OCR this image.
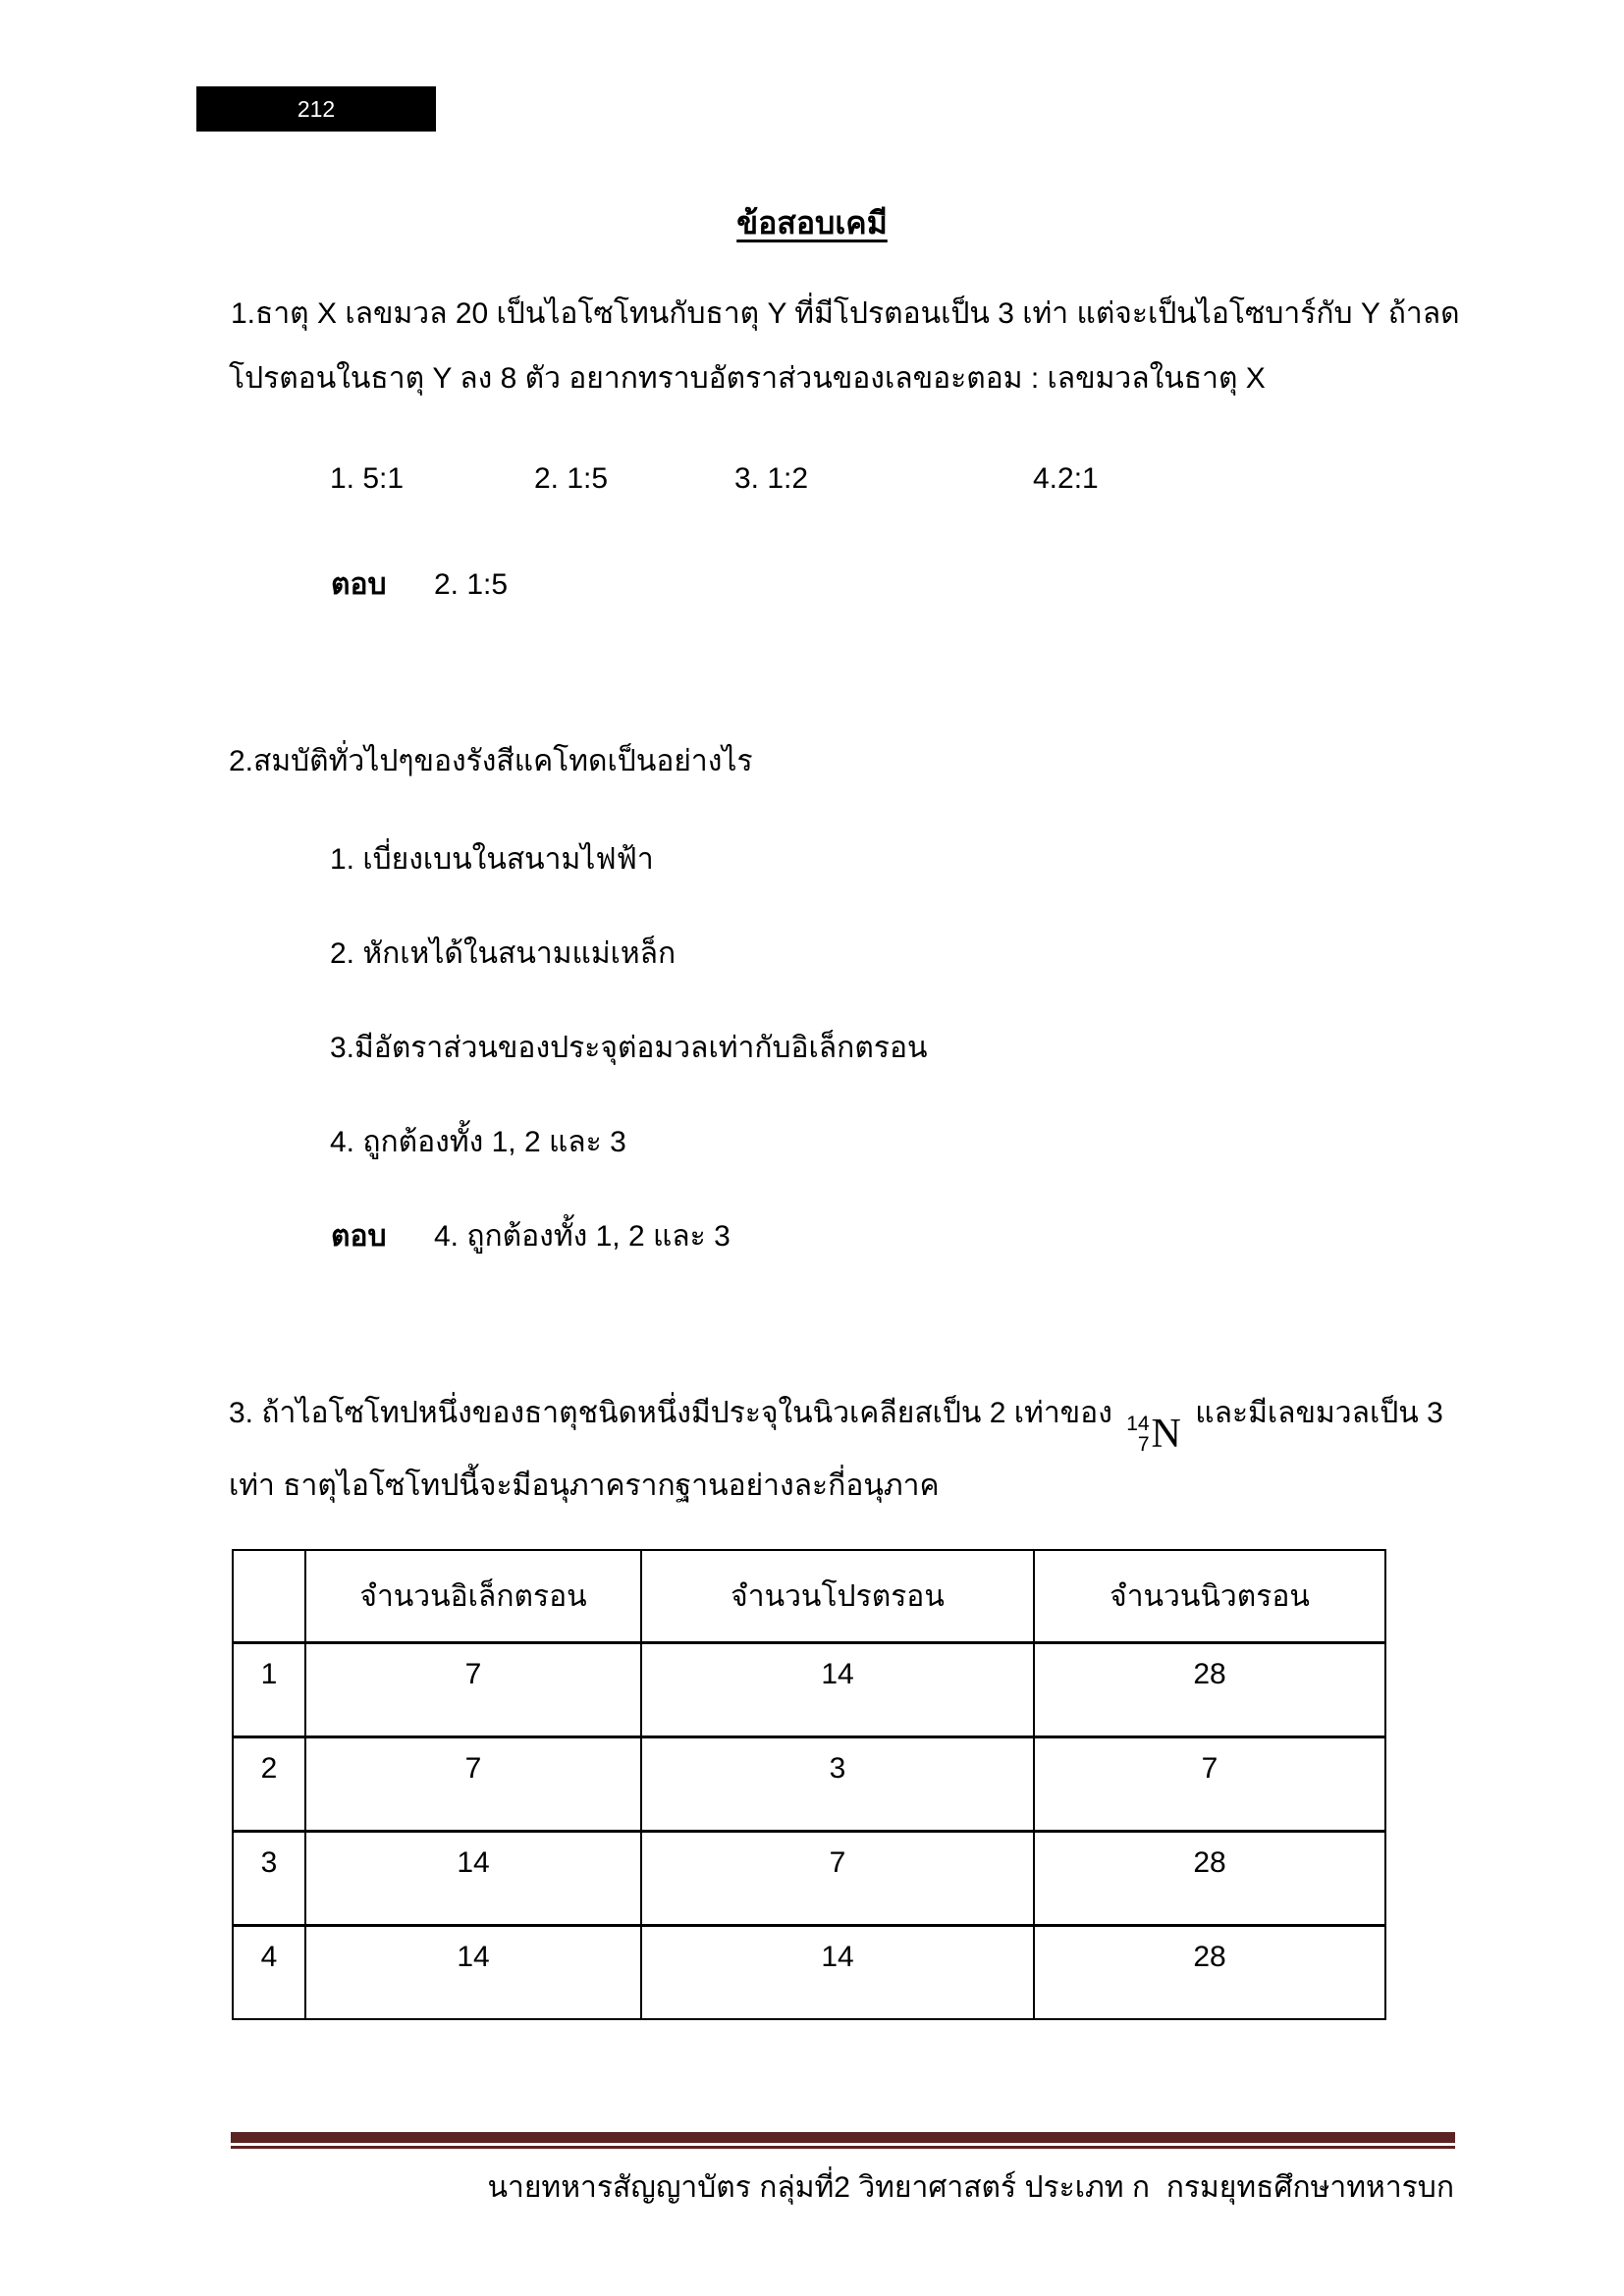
212
ข้อสอบเคมี
1.ธาตุ X เลขมวล 20 เป็นไอโซโทนกับธาตุ Y ที่มีโปรตอนเป็น 3 เท่า แต่จะเป็นไอโซบาร์กับ Y ถ้าลด
โปรตอนในธาตุ Y ลง 8 ตัว อยากทราบอัตราส่วนของเลขอะตอม : เลขมวลในธาตุ X
1. 5:1	2. 1:5	3. 1:2	4.2:1
ตอบ 2. 1:5
2.สมบัติทั่วไปๆของรังสีแคโทดเป็นอย่างไร
1. เบี่ยงเบนในสนามไฟฟ้า
2. หักเหได้ในสนามแม่เหล็ก
3.มีอัตราส่วนของประจุต่อมวลเท่ากับอิเล็กตรอน
4. ถูกต้องทั้ง 1, 2 และ 3
ตอบ 4. ถูกต้องทั้ง 1, 2 และ 3
3. ถ้าไอโซโทปหนึ่งของธาตุชนิดหนึ่งมีประจุในนิวเคลียสเป็น 2 เท่าของ 14
7 N และมีเลขมวลเป็น 3
เท่า ธาตุไอโซโทปนี้จะมีอนุภาครากฐานอย่างละกี่อนุภาค
	จำนวนอิเล็กตรอน	จำนวนโปรตรอน	จำนวนนิวตรอน
1	7	14	28
2	7	3	7
3	14	7	28
4	14	14	28
นายทหารสัญญาบัตร กลุ่มที่2 วิทยาศาสตร์ ประเภท ก  กรมยุทธศึกษาทหารบก
